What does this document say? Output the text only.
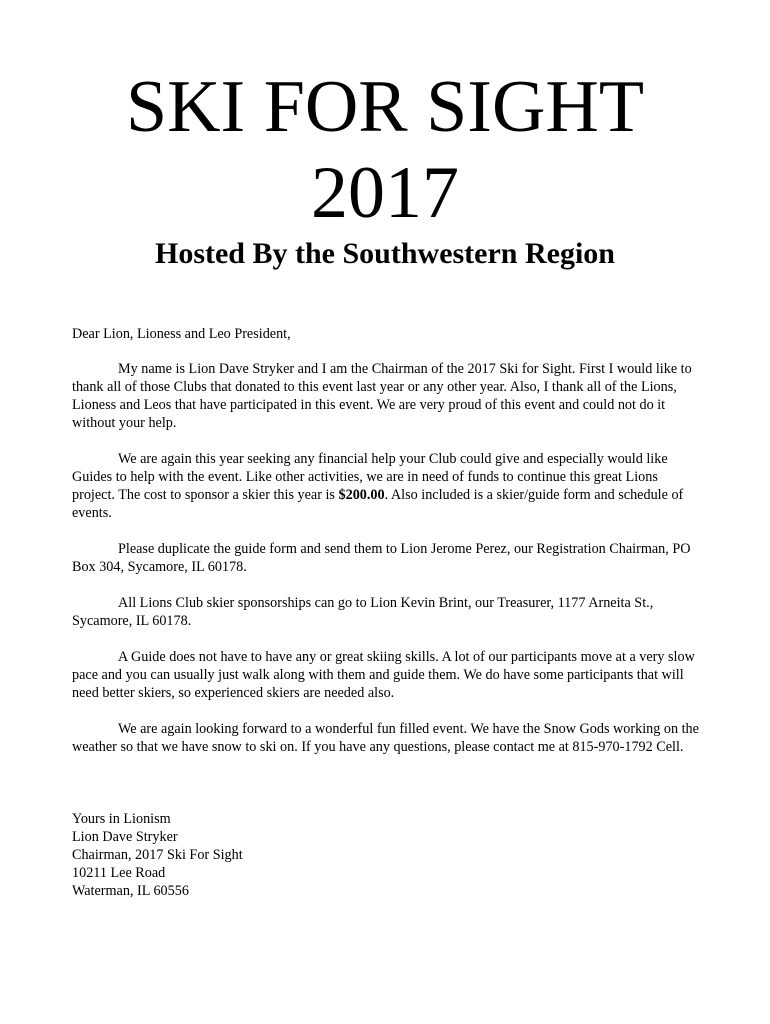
SKI FOR SIGHT
2017
Hosted By the Southwestern Region

Dear Lion, Lioness and Leo President,

My name is Lion Dave Stryker and I am the Chairman of the 2017 Ski for Sight. First I would like to thank all of those Clubs that donated to this event last year or any other year. Also, I thank all of the Lions, Lioness and Leos that have participated in this event. We are very proud of this event and could not do it without your help.

We are again this year seeking any financial help your Club could give and especially would like Guides to help with the event. Like other activities, we are in need of funds to continue this great Lions project. The cost to sponsor a skier this year is $200.00. Also included is a skier/guide form and schedule of events.

Please duplicate the guide form and send them to Lion Jerome Perez, our Registration Chairman, PO Box 304, Sycamore, IL 60178.

All Lions Club skier sponsorships can go to Lion Kevin Brint, our Treasurer, 1177 Arneita St., Sycamore, IL 60178.

A Guide does not have to have any or great skiing skills. A lot of our participants move at a very slow pace and you can usually just walk along with them and guide them. We do have some participants that will need better skiers, so experienced skiers are needed also.

We are again looking forward to a wonderful fun filled event. We have the Snow Gods working on the weather so that we have snow to ski on. If you have any questions, please contact me at 815-970-1792 Cell.

Yours in Lionism
Lion Dave Stryker
Chairman, 2017 Ski For Sight
10211 Lee Road
Waterman, IL 60556
